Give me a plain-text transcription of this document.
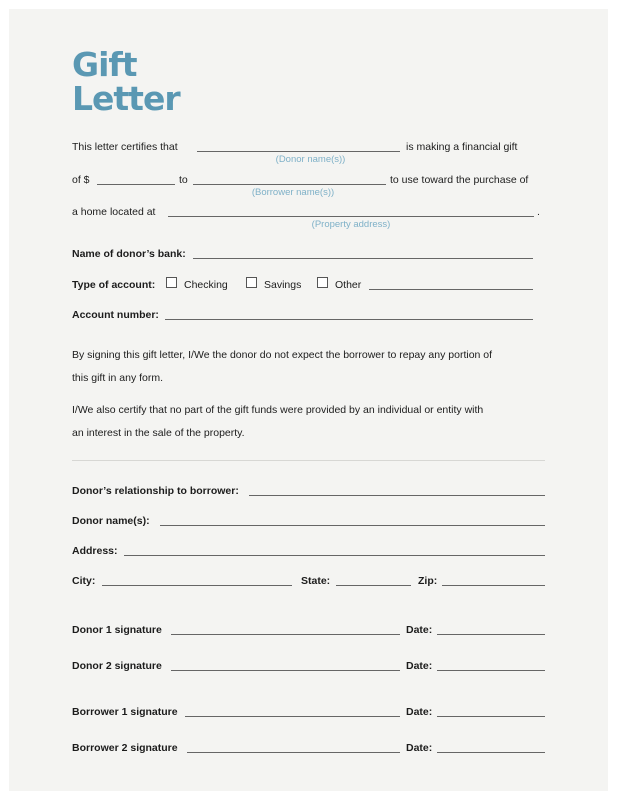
Gift
Letter
This letter certifies that	is making a financial gift
(Donor name(s))
of $	to	to use toward the purchase of
(Borrower name(s))
a home located at	.
(Property address)
Name of donor’s bank:
Type of account:	Checking	Savings	Other
Account number:
By signing this gift letter, I/We the donor do not expect the borrower to repay any portion of
this gift in any form.
I/We also certify that no part of the gift funds were provided by an individual or entity with
an interest in the sale of the property.
Donor’s relationship to borrower:
Donor name(s):
Address:
City:	State:	Zip:
Donor 1 signature	Date:
Donor 2 signature	Date:
Borrower 1 signature	Date:
Borrower 2 signature	Date:
